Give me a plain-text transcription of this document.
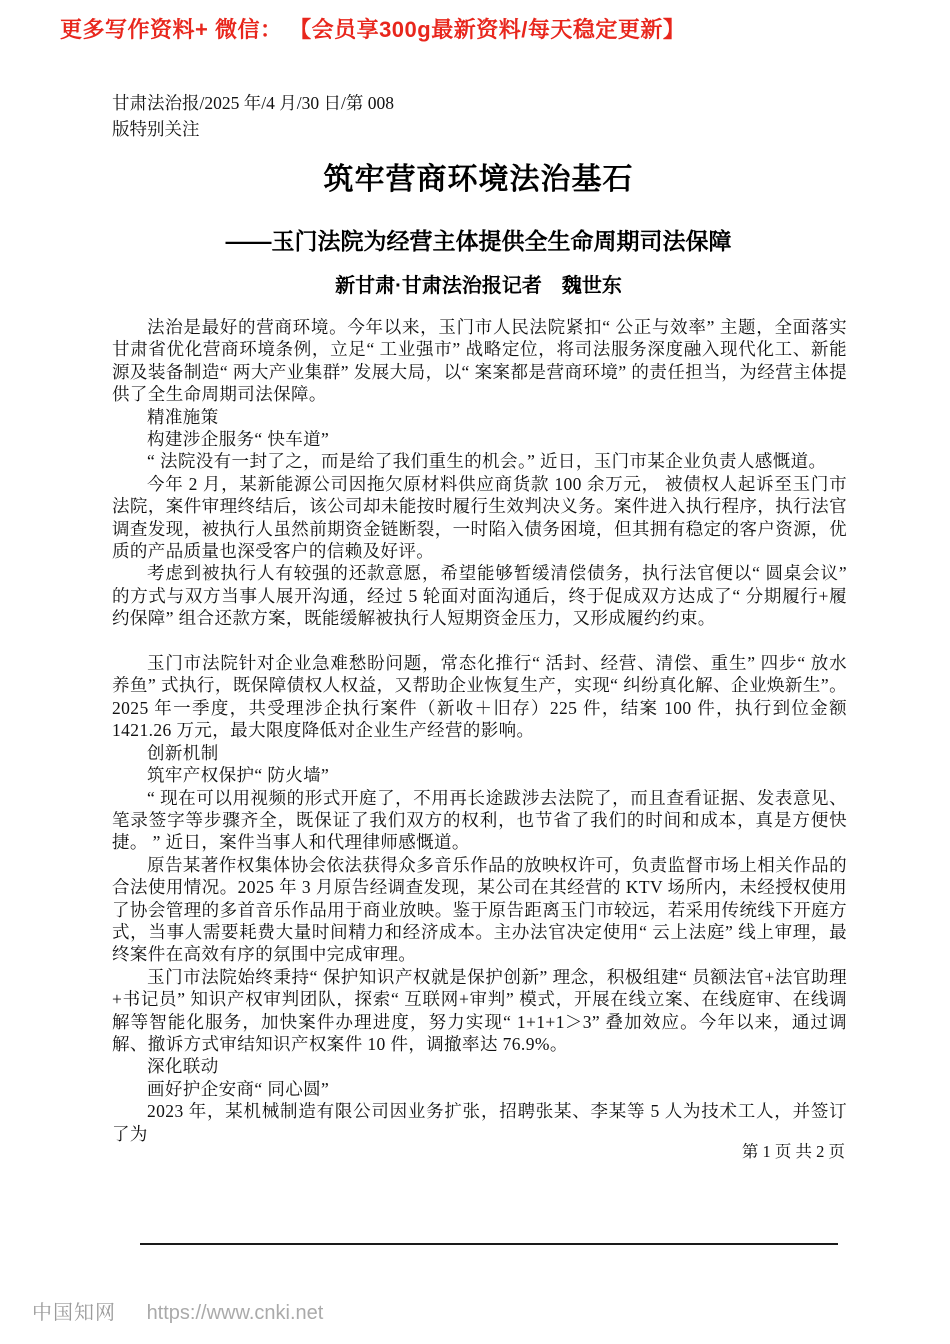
更多写作资料+ 微信： 【会员享300g最新资料/每天稳定更新】
甘肃法治报/2025 年/4 月/30 日/第 008
版特别关注
筑牢营商环境法治基石
——玉门法院为经营主体提供全生命周期司法保障
新甘肃·甘肃法治报记者　魏世东

法治是最好的营商环境。今年以来，玉门市人民法院紧扣“ 公正与效率” 主题，全面落实甘肃省优化营商环境条例，立足“ 工业强市” 战略定位，将司法服务深度融入现代化工、新能源及装备制造“ 两大产业集群” 发展大局，以“ 案案都是营商环境” 的责任担当，为经营主体提供了全生命周期司法保障。

精准施策

构建涉企服务“ 快车道”

“ 法院没有一封了之，而是给了我们重生的机会。” 近日，玉门市某企业负责人感慨道。

今年 2 月，某新能源公司因拖欠原材料供应商货款 100 余万元， 被债权人起诉至玉门市法院，案件审理终结后，该公司却未能按时履行生效判决义务。案件进入执行程序，执行法官调查发现，被执行人虽然前期资金链断裂，一时陷入债务困境，但其拥有稳定的客户资源，优质的产品质量也深受客户的信赖及好评。

考虑到被执行人有较强的还款意愿，希望能够暂缓清偿债务，执行法官便以“ 圆桌会议” 的方式与双方当事人展开沟通，经过 5 轮面对面沟通后，终于促成双方达成了“ 分期履行+履约保障” 组合还款方案，既能缓解被执行人短期资金压力，又形成履约约束。

玉门市法院针对企业急难愁盼问题，常态化推行“ 活封、经营、清偿、重生” 四步“ 放水养鱼” 式执行，既保障债权人权益，又帮助企业恢复生产，实现“ 纠纷真化解、企业焕新生”。2025 年一季度，共受理涉企执行案件（新收＋旧存）225 件，结案 100 件，执行到位金额 1421.26 万元，最大限度降低对企业生产经营的影响。

创新机制

筑牢产权保护“ 防火墙”

“ 现在可以用视频的形式开庭了，不用再长途跋涉去法院了，而且查看证据、发表意见、笔录签字等步骤齐全，既保证了我们双方的权利，也节省了我们的时间和成本，真是方便快捷。 ” 近日，案件当事人和代理律师感慨道。

原告某著作权集体协会依法获得众多音乐作品的放映权许可，负责监督市场上相关作品的合法使用情况。2025 年 3 月原告经调查发现，某公司在其经营的 KTV 场所内，未经授权使用了协会管理的多首音乐作品用于商业放映。鉴于原告距离玉门市较远，若采用传统线下开庭方式，当事人需要耗费大量时间精力和经济成本。主办法官决定使用“ 云上法庭” 线上审理，最终案件在高效有序的氛围中完成审理。

玉门市法院始终秉持“ 保护知识产权就是保护创新” 理念，积极组建“ 员额法官+法官助理+书记员” 知识产权审判团队，探索“ 互联网+审判” 模式，开展在线立案、在线庭审、在线调解等智能化服务，加快案件办理进度，努力实现“ 1+1+1＞3” 叠加效应。今年以来，通过调解、撤诉方式审结知识产权案件 10 件，调撤率达 76.9%。

深化联动

画好护企安商“ 同心圆”

2023 年，某机械制造有限公司因业务扩张，招聘张某、李某等 5 人为技术工人，并签订了为

第 1 页 共 2 页
中国知网 https://www.cnki.net
